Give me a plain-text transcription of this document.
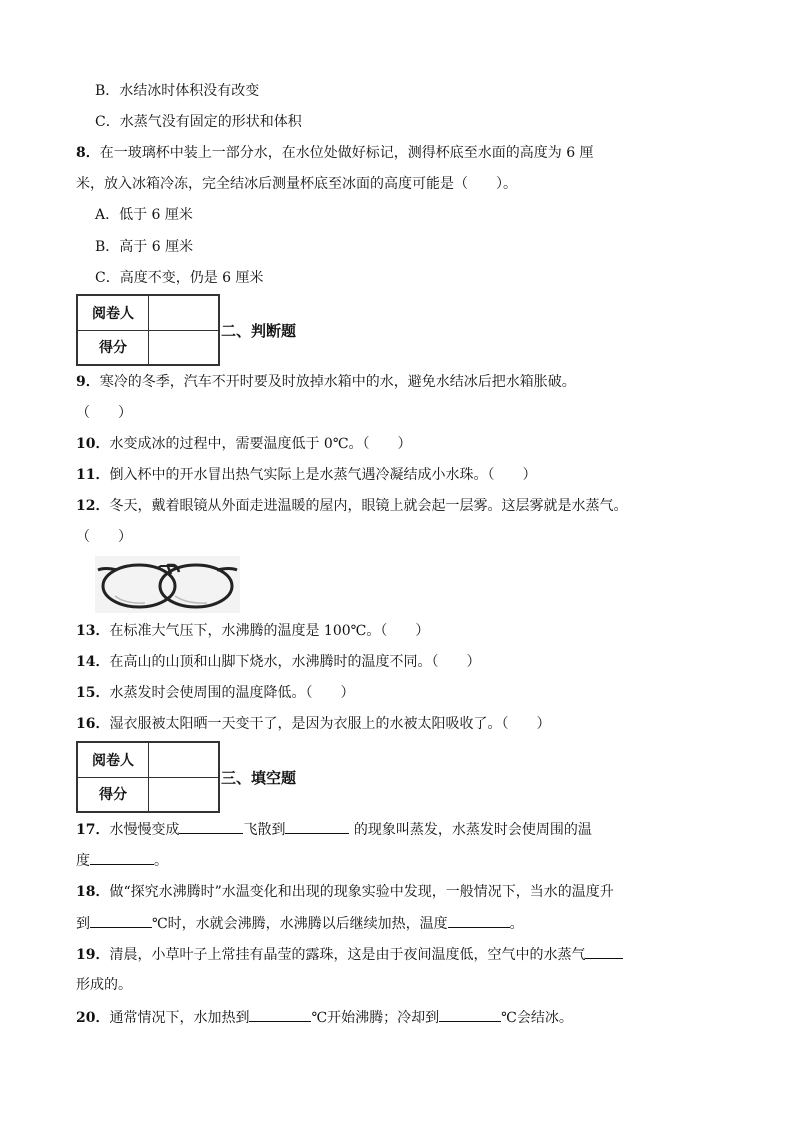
B．水结冰时体积没有改变
C．水蒸气没有固定的形状和体积
8．在一玻璃杯中装上一部分水，在水位处做好标记，测得杯底至水面的高度为 6 厘
米，放入冰箱冷冻，完全结冰后测量杯底至冰面的高度可能是（　　）。
A．低于 6 厘米
B．高于 6 厘米
C．高度不变，仍是 6 厘米
阅卷人	
得分	
二、判断题
9．寒冷的冬季，汽车不开时要及时放掉水箱中的水，避免水结冰后把水箱胀破。
（　　）
10．水变成冰的过程中，需要温度低于 0℃。（　　）
11．倒入杯中的开水冒出热气实际上是水蒸气遇冷凝结成小水珠。（　　）
12．冬天，戴着眼镜从外面走进温暖的屋内，眼镜上就会起一层雾。这层雾就是水蒸气。
（　　）
13．在标准大气压下，水沸腾的温度是 100℃。（　　）
14．在高山的山顶和山脚下烧水，水沸腾时的温度不同。（　　）
15．水蒸发时会使周围的温度降低。（　　）
16．湿衣服被太阳晒一天变干了，是因为衣服上的水被太阳吸收了。（　　）
阅卷人	
得分	
三、填空题
17．水慢慢变成	飞散到	的现象叫蒸发，水蒸发时会使周围的温
度	。
18．做“探究水沸腾时”水温变化和出现的现象实验中发现，一般情况下，当水的温度升
到	℃时，水就会沸腾，水沸腾以后继续加热，温度	。
19．清晨，小草叶子上常挂有晶莹的露珠，这是由于夜间温度低，空气中的水蒸气
形成的。
20．通常情况下，水加热到	℃开始沸腾；冷却到	℃会结冰。
